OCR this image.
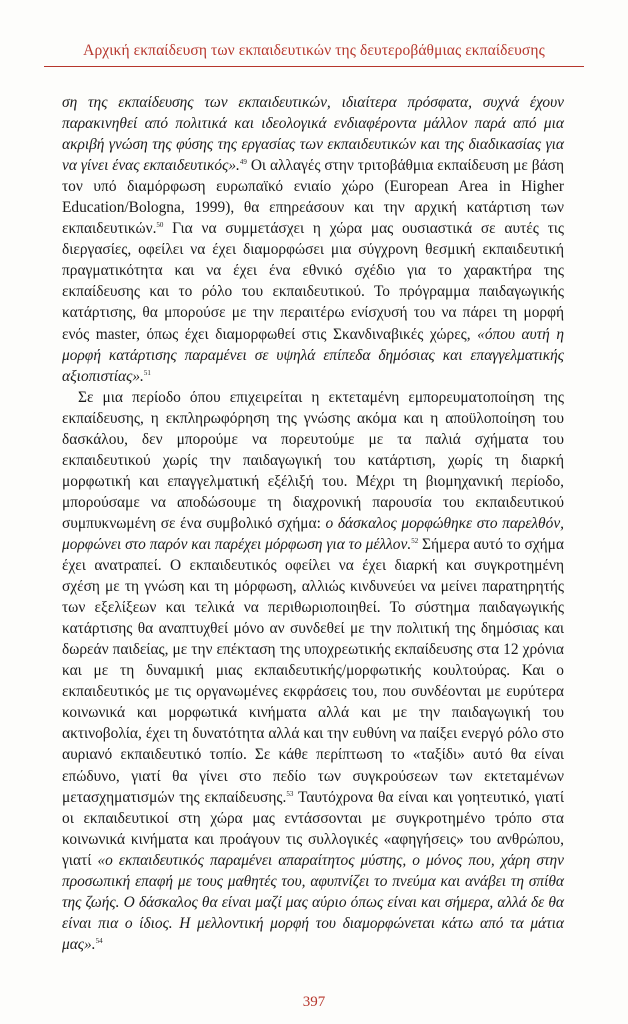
Αρχική εκπαίδευση των εκπαιδευτικών της δευτεροβάθμιας εκπαίδευσης

ση της εκπαίδευσης των εκπαιδευτικών, ιδιαίτερα πρόσφατα, συχνά έχουν παρακινηθεί από πολιτικά και ιδεολογικά ενδιαφέροντα μάλλον παρά από μια ακριβή γνώση της φύσης της εργασίας των εκπαιδευτικών και της διαδικασίας για να γίνει ένας εκπαιδευτικός».$^{49}$ Οι αλλαγές στην τριτοβάθμια εκπαίδευση με βάση τον υπό διαμόρφωση ευρωπαϊκό ενιαίο χώρο (European Area in Higher Education/Bologna, 1999), θα επηρεάσουν και την αρχική κατάρτιση των εκπαιδευτικών.$^{50}$ Για να συμμετάσχει η χώρα μας ουσιαστικά σε αυτές τις διεργασίες, οφείλει να έχει διαμορφώσει μια σύγχρονη θεσμική εκπαιδευτική πραγματικότητα και να έχει ένα εθνικό σχέδιο για το χαρακτήρα της εκπαίδευσης και το ρόλο του εκπαιδευτικού. Το πρόγραμμα παιδαγωγικής κατάρτισης, θα μπορούσε με την περαιτέρω ενίσχυσή του να πάρει τη μορφή ενός master, όπως έχει διαμορφωθεί στις Σκανδιναβικές χώρες, «όπου αυτή η μορφή κατάρτισης παραμένει σε υψηλά επίπεδα δημόσιας και επαγγελματικής αξιοπιστίας».$^{51}$

Σε μια περίοδο όπου επιχειρείται η εκτεταμένη εμπορευματοποίηση της εκπαίδευσης, η εκπληρωφόρηση της γνώσης ακόμα και η αποϋλοποίηση του δασκάλου, δεν μπορούμε να πορευτούμε με τα παλιά σχήματα του εκπαιδευτικού χωρίς την παιδαγωγική του κατάρτιση, χωρίς τη διαρκή μορφωτική και επαγγελματική εξέλιξή του. Μέχρι τη βιομηχανική περίοδο, μπορούσαμε να αποδώσουμε τη διαχρονική παρουσία του εκπαιδευτικού συμπυκνωμένη σε ένα συμβολικό σχήμα: ο δάσκαλος μορφώθηκε στο παρελθόν, μορφώνει στο παρόν και παρέχει μόρφωση για το μέλλον.$^{52}$ Σήμερα αυτό το σχήμα έχει ανατραπεί. Ο εκπαιδευτικός οφείλει να έχει διαρκή και συγκροτημένη σχέση με τη γνώση και τη μόρφωση, αλλιώς κινδυνεύει να μείνει παρατηρητής των εξελίξεων και τελικά να περιθωριοποιηθεί. Το σύστημα παιδαγωγικής κατάρτισης θα αναπτυχθεί μόνο αν συνδεθεί με την πολιτική της δημόσιας και δωρεάν παιδείας, με την επέκταση της υποχρεωτικής εκπαίδευσης στα 12 χρόνια και με τη δυναμική μιας εκπαιδευτικής/μορφωτικής κουλτούρας. Και ο εκπαιδευτικός με τις οργανωμένες εκφράσεις του, που συνδέονται με ευρύτερα κοινωνικά και μορφωτικά κινήματα αλλά και με την παιδαγωγική του ακτινοβολία, έχει τη δυνατότητα αλλά και την ευθύνη να παίξει ενεργό ρόλο στο αυριανό εκπαιδευτικό τοπίο. Σε κάθε περίπτωση το «ταξίδι» αυτό θα είναι επώδυνο, γιατί θα γίνει στο πεδίο των συγκρούσεων των εκτεταμένων μετασχηματισμών της εκπαίδευσης.$^{53}$ Ταυτόχρονα θα είναι και γοητευτικό, γιατί οι εκπαιδευτικοί στη χώρα μας εντάσσονται με συγκροτημένο τρόπο στα κοινωνικά κινήματα και προάγουν τις συλλογικές «αφηγήσεις» του ανθρώπου, γιατί «ο εκπαιδευτικός παραμένει απαραίτητος μύστης, ο μόνος που, χάρη στην προσωπική επαφή με τους μαθητές του, αφυπνίζει το πνεύμα και ανάβει τη σπίθα της ζωής. Ο δάσκαλος θα είναι μαζί μας αύριο όπως είναι και σήμερα, αλλά δε θα είναι πια ο ίδιος. Η μελλοντική μορφή του διαμορφώνεται κάτω από τα μάτια μας».$^{54}$

397
